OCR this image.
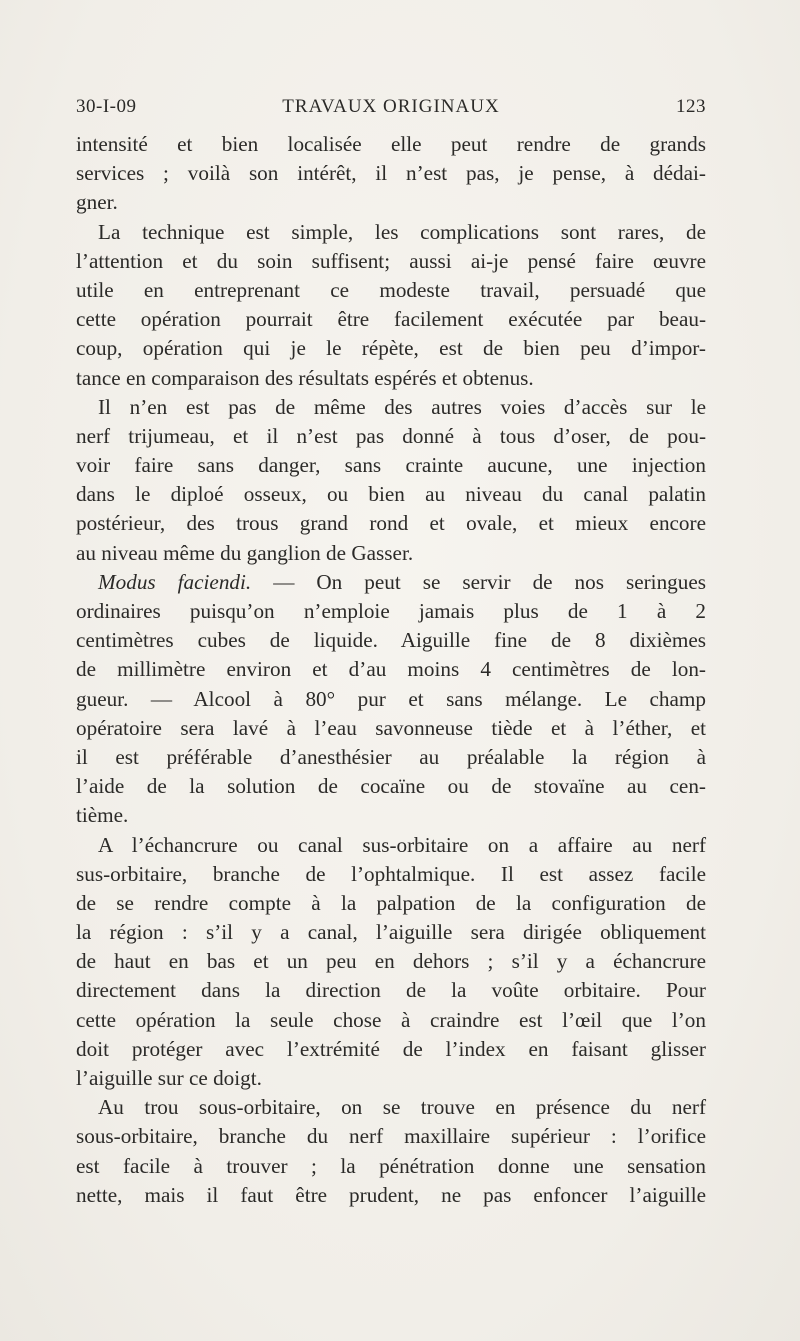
30-I-09	TRAVAUX ORIGINAUX	123
intensité et bien localisée elle peut rendre de grands
services ; voilà son intérêt, il n’est pas, je pense, à dédai-
gner.
La technique est simple, les complications sont rares, de
l’attention et du soin suffisent; aussi ai-je pensé faire œuvre
utile en entreprenant ce modeste travail, persuadé que
cette opération pourrait être facilement exécutée par beau-
coup, opération qui je le répète, est de bien peu d’impor-
tance en comparaison des résultats espérés et obtenus.
Il n’en est pas de même des autres voies d’accès sur le
nerf trijumeau, et il n’est pas donné à tous d’oser, de pou-
voir faire sans danger, sans crainte aucune, une injection
dans le diploé osseux, ou bien au niveau du canal palatin
postérieur, des trous grand rond et ovale, et mieux encore
au niveau même du ganglion de Gasser.
Modus faciendi. — On peut se servir de nos seringues
ordinaires puisqu’on n’emploie jamais plus de 1 à 2
centimètres cubes de liquide. Aiguille fine de 8 dixièmes
de millimètre environ et d’au moins 4 centimètres de lon-
gueur. — Alcool à 80° pur et sans mélange. Le champ
opératoire sera lavé à l’eau savonneuse tiède et à l’éther, et
il est préférable d’anesthésier au préalable la région à
l’aide de la solution de cocaïne ou de stovaïne au cen-
tième.
A l’échancrure ou canal sus-orbitaire on a affaire au nerf
sus-orbitaire, branche de l’ophtalmique. Il est assez facile
de se rendre compte à la palpation de la configuration de
la région : s’il y a canal, l’aiguille sera dirigée obliquement
de haut en bas et un peu en dehors ; s’il y a échancrure
directement dans la direction de la voûte orbitaire. Pour
cette opération la seule chose à craindre est l’œil que l’on
doit protéger avec l’extrémité de l’index en faisant glisser
l’aiguille sur ce doigt.
Au trou sous-orbitaire, on se trouve en présence du nerf
sous-orbitaire, branche du nerf maxillaire supérieur : l’orifice
est facile à trouver ; la pénétration donne une sensation
nette, mais il faut être prudent, ne pas enfoncer l’aiguille
